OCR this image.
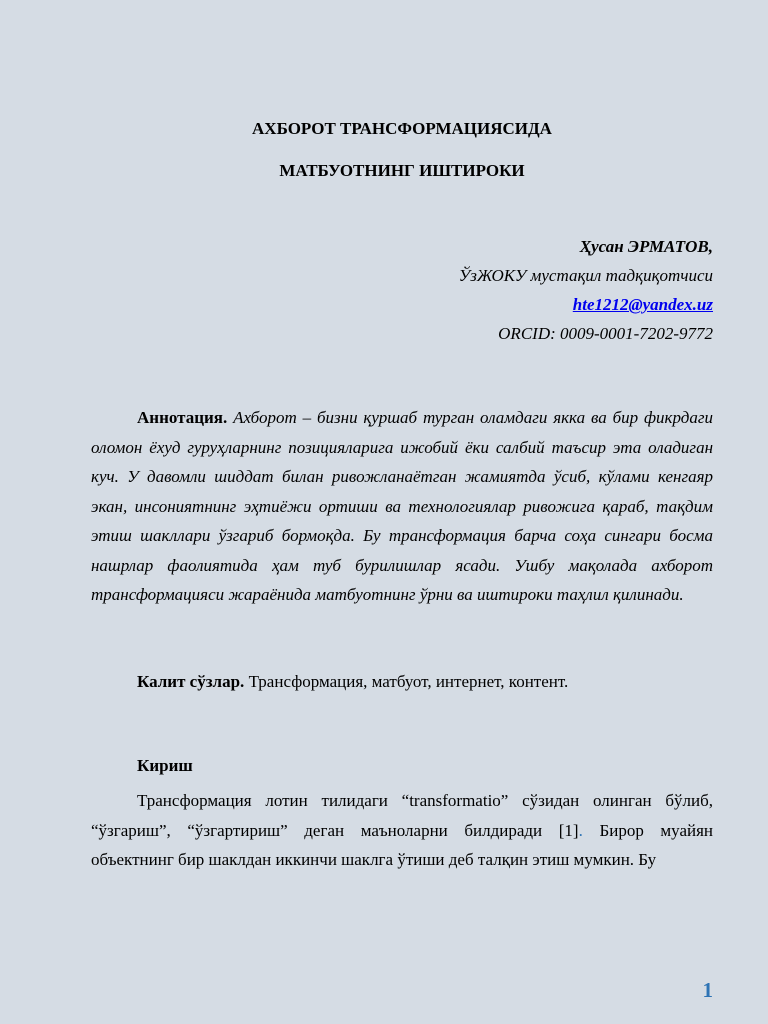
АХБОРОТ ТРАНСФОРМАЦИЯСИДА
МАТБУОТНИНГ ИШТИРОКИ
Ҳусан ЭРМАТОВ,
ЎзЖОКУ мустақил тадқиқотчиси
hte1212@yandex.uz
ORCID: 0009-0001-7202-9772

Аннотация. Ахборот – бизни қуршаб турган оламдаги якка ва бир фикрдаги оломон ёхуд гуруҳларнинг позицияларига ижобий ёки салбий таъсир эта оладиган куч. У давомли шиддат билан ривожланаётган жамиятда ўсиб, кўлами кенгаяр экан, инсониятнинг эҳтиёжи ортиши ва технологиялар ривожига қараб, тақдим этиш шакллари ўзгариб бормоқда. Бу трансформация барча соҳа сингари босма нашрлар фаолиятида ҳам туб бурилишлар ясади. Ушбу мақолада ахборот трансформацияси жараёнида матбуотнинг ўрни ва иштироки таҳлил қилинади.

Калит сўзлар. Трансформация, матбуот, интернет, контент.

Кириш

Трансформация лотин тилидаги “transformatio” сўзидан олинган бўлиб, “ўзгариш”, “ўзгартириш” деган маъноларни билдиради [1]. Бирор муайян объектнинг бир шаклдан иккинчи шаклга ўтиши деб талқин этиш мумкин. Бу

1
